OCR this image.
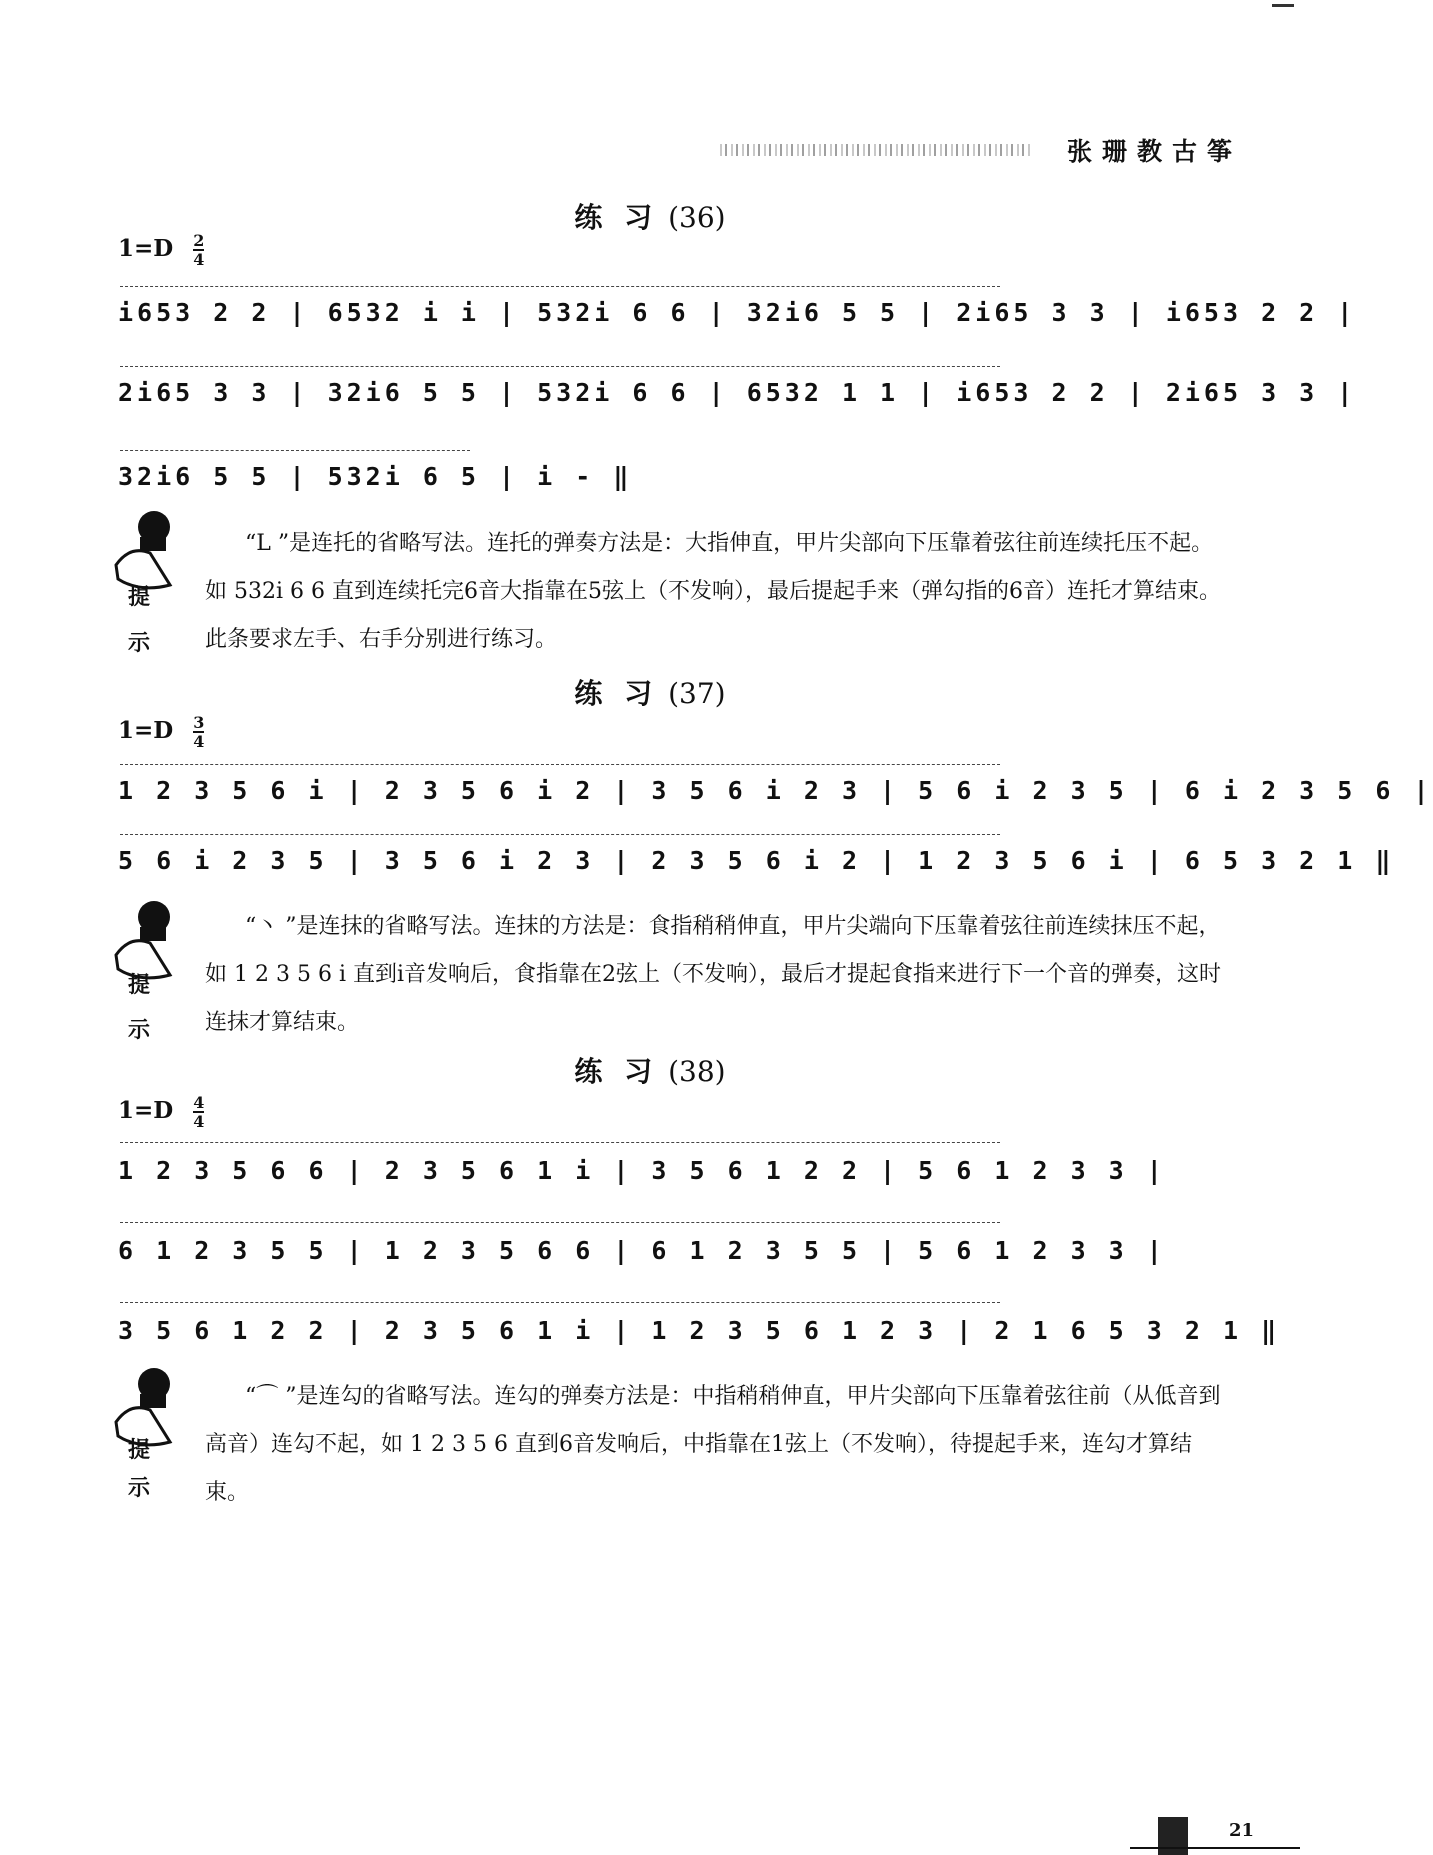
张珊教古筝
练 习 (36)
$1=D \frac{2}{4}$
i653 2 2 | 6532 i i | 532i 6 6 | 32i6 5 5 | 2i65 3 3 | i653 2 2 |
2i65 3 3 | 32i6 5 5 | 532i 6 6 | 6532 1 1 | i653 2 2 | 2i65 3 3 |
32i6 5 5 | 532i 6 5 | i - ‖
提
示
“L ”是连托的省略写法。连托的弹奏方法是：大指伸直，甲片尖部向下压靠着弦往前连续托压不起。如 532i 6 6 直到连续托完6音大指靠在5弦上（不发响），最后提起手来（弹勾指的6音）连托才算结束。此条要求左手、右手分别进行练习。
练 习 (37)
$1=D \frac{3}{4}$
1 2 3 5 6 i | 2 3 5 6 i 2 | 3 5 6 i 2 3 | 5 6 i 2 3 5 | 6 i 2 3 5 6 |
5 6 i 2 3 5 | 3 5 6 i 2 3 | 2 3 5 6 i 2 | 1 2 3 5 6 i | 6 5 3 2 1 ‖
提
示
“丶 ”是连抹的省略写法。连抹的方法是：食指稍稍伸直，甲片尖端向下压靠着弦往前连续抹压不起，如 1 2 3 5 6 i 直到i音发响后，食指靠在2弦上（不发响），最后才提起食指来进行下一个音的弹奏，这时连抹才算结束。
练 习 (38)
$1=D \frac{4}{4}$
1 2 3 5 6 6 | 2 3 5 6 1 i | 3 5 6 1 2 2 | 5 6 1 2 3 3 |
6 1 2 3 5 5 | 1 2 3 5 6 6 | 6 1 2 3 5 5 | 5 6 1 2 3 3 |
3 5 6 1 2 2 | 2 3 5 6 1 i | 1 2 3 5 6 1 2 3 | 2 1 6 5 3 2 1 ‖
提
示
“⌒ ”是连勾的省略写法。连勾的弹奏方法是：中指稍稍伸直，甲片尖部向下压靠着弦往前（从低音到高音）连勾不起，如 1 2 3 5 6 直到6音发响后，中指靠在1弦上（不发响），待提起手来，连勾才算结束。
21
